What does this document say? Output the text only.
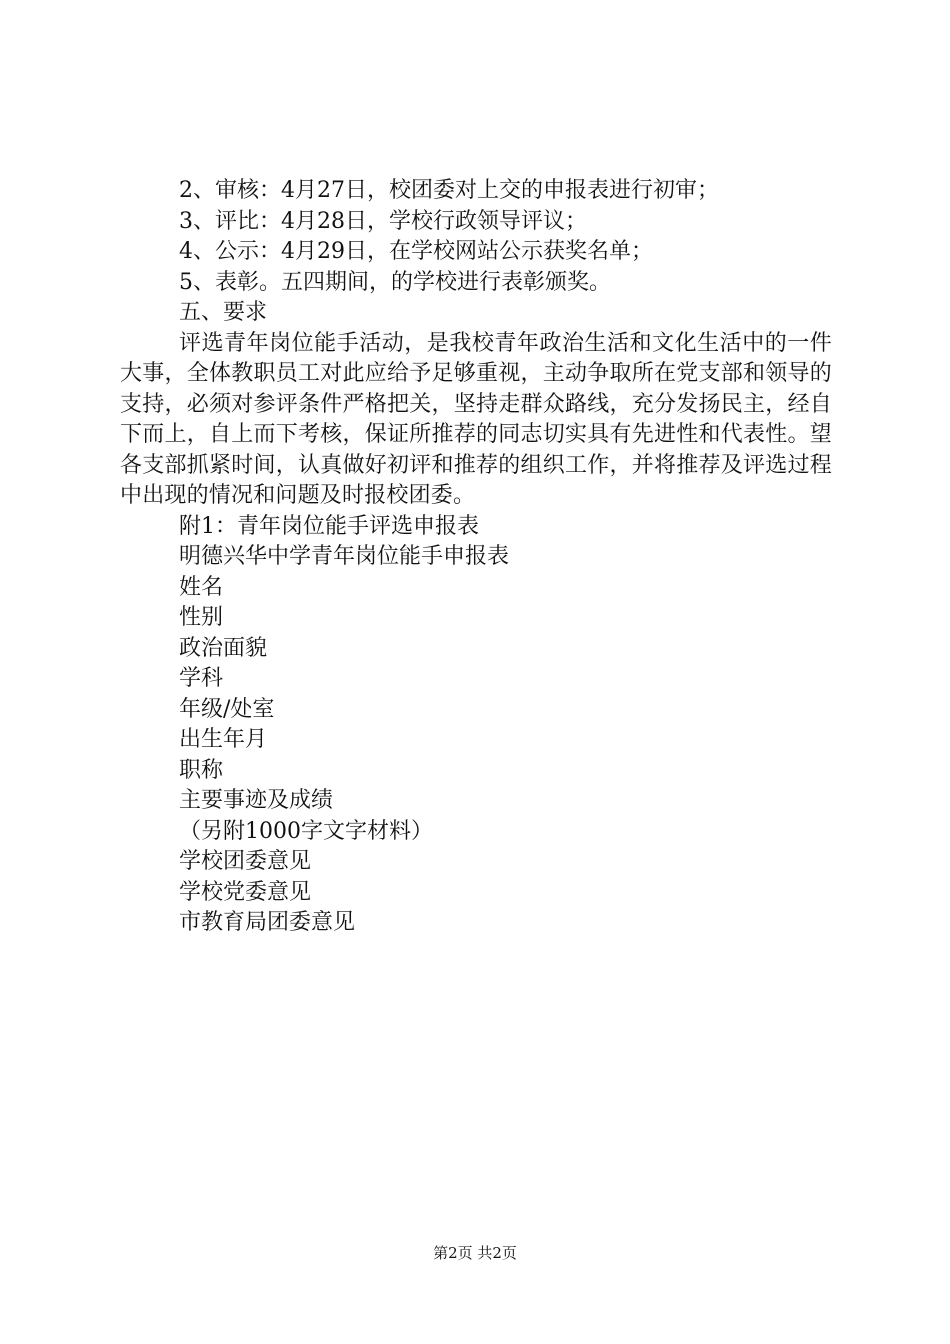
2、审核：4月27日，校团委对上交的申报表进行初审；
3、评比：4月28日，学校行政领导评议；
4、公示：4月29日，在学校网站公示获奖名单；
5、表彰。五四期间，的学校进行表彰颁奖。
五、要求

评选青年岗位能手活动，是我校青年政治生活和文化生活中的一件大事，全体教职员工对此应给予足够重视，主动争取所在党支部和领导的支持，必须对参评条件严格把关，坚持走群众路线，充分发扬民主，经自下而上，自上而下考核，保证所推荐的同志切实具有先进性和代表性。望各支部抓紧时间，认真做好初评和推荐的组织工作，并将推荐及评选过程中出现的情况和问题及时报校团委。

附1：青年岗位能手评选申报表
明德兴华中学青年岗位能手申报表
姓名
性别
政治面貌
学科
年级/处室
出生年月
职称
主要事迹及成绩
（另附1000字文字材料）
学校团委意见
学校党委意见
市教育局团委意见
第2页 共2页
